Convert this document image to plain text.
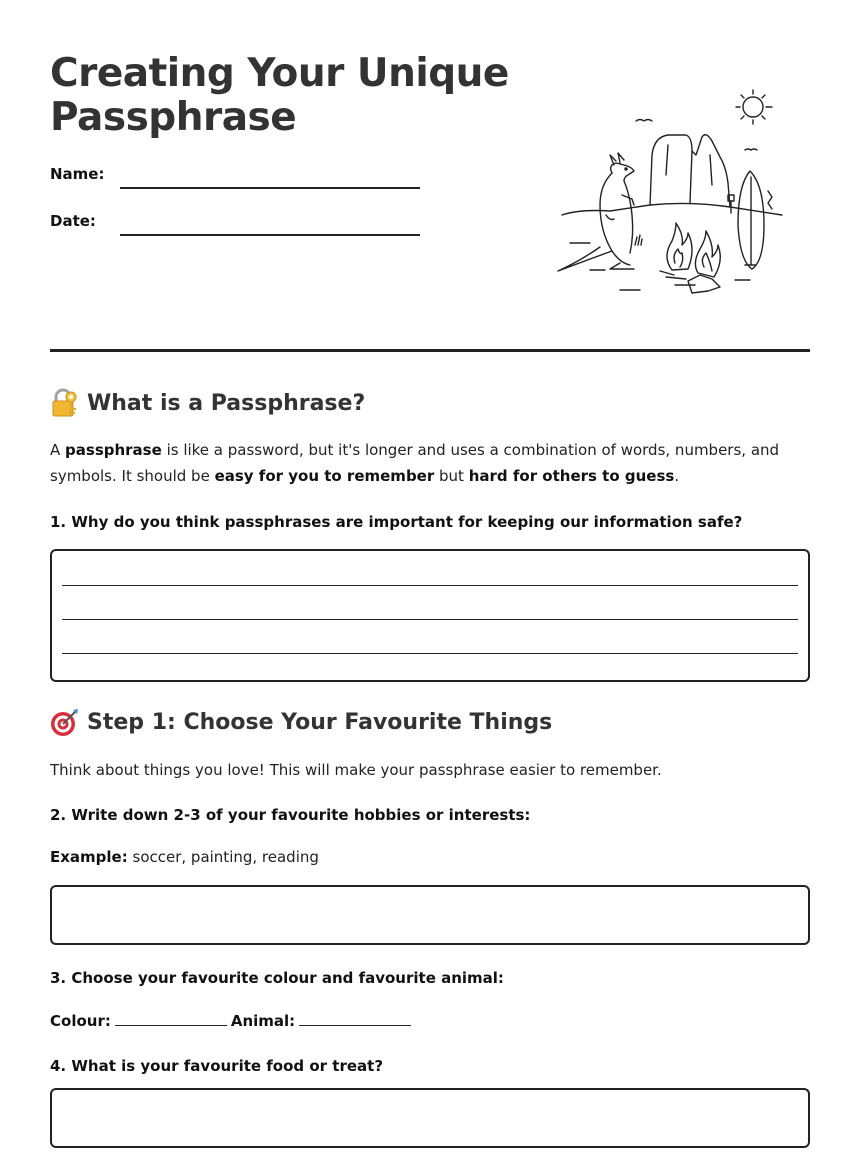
Creating Your Unique Passphrase
Name:
Date:
What is a Passphrase?

A passphrase is like a password, but it's longer and uses a combination of words, numbers, and symbols. It should be easy for you to remember but hard for others to guess.

1. Why do you think passphrases are important for keeping our information safe?

Step 1: Choose Your Favourite Things

Think about things you love! This will make your passphrase easier to remember.

2. Write down 2-3 of your favourite hobbies or interests:

Example: soccer, painting, reading

3. Choose your favourite colour and favourite animal:

Colour:	Animal:

4. What is your favourite food or treat?
